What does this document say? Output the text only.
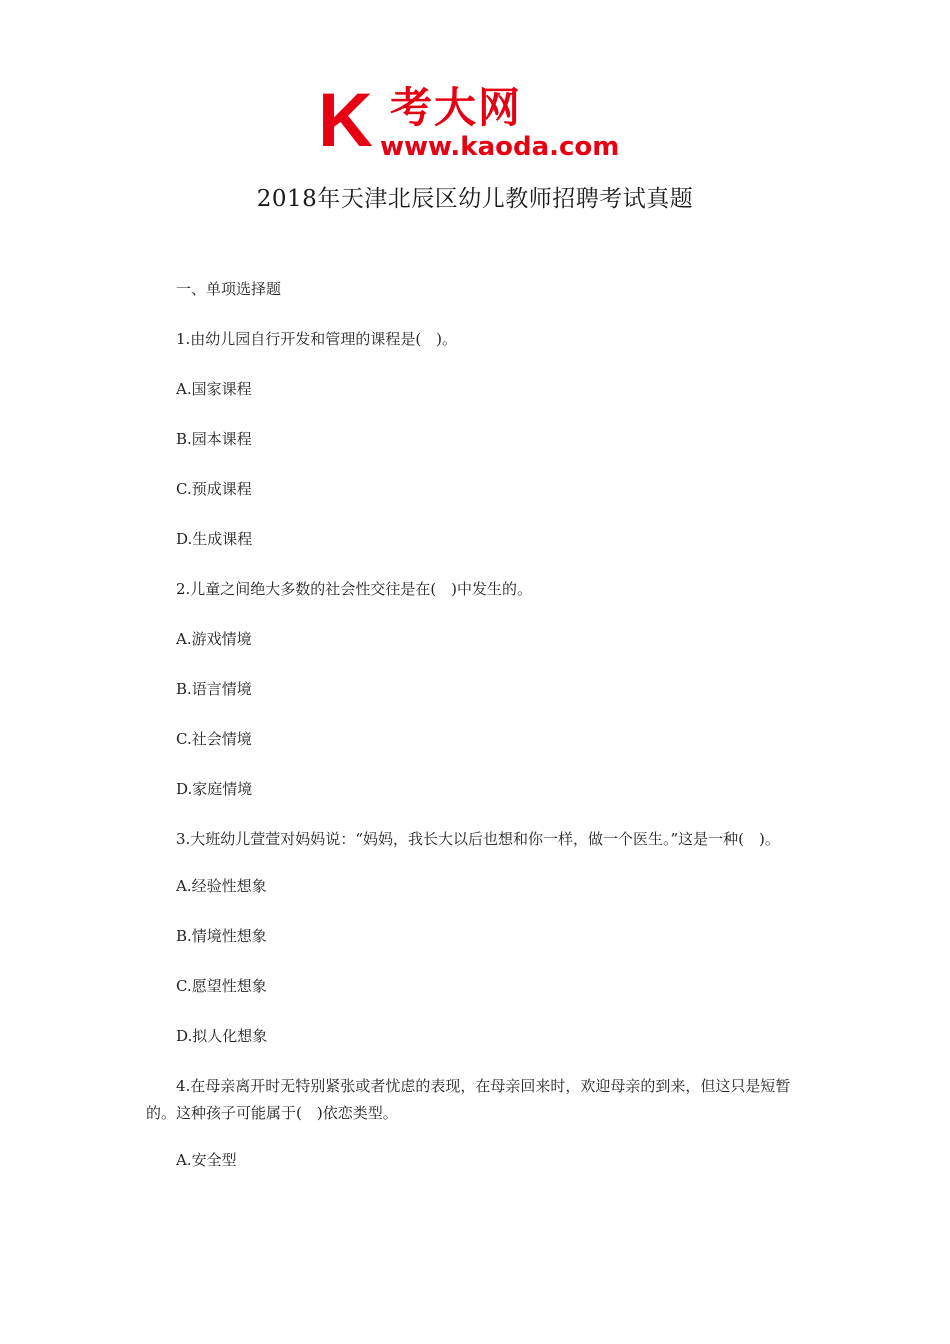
K 考大网
www.kaoda.com
2018年天津北辰区幼儿教师招聘考试真题

一、单项选择题

1.由幼儿园自行开发和管理的课程是(　)。

A.国家课程

B.园本课程

C.预成课程

D.生成课程

2.儿童之间绝大多数的社会性交往是在(　)中发生的。

A.游戏情境

B.语言情境

C.社会情境

D.家庭情境

3.大班幼儿萱萱对妈妈说：“妈妈，我长大以后也想和你一样，做一个医生。”这是一种(　)。

A.经验性想象

B.情境性想象

C.愿望性想象

D.拟人化想象

4.在母亲离开时无特别紧张或者忧虑的表现，在母亲回来时，欢迎母亲的到来，但这只是短暂的。这种孩子可能属于(　)依恋类型。

A.安全型
